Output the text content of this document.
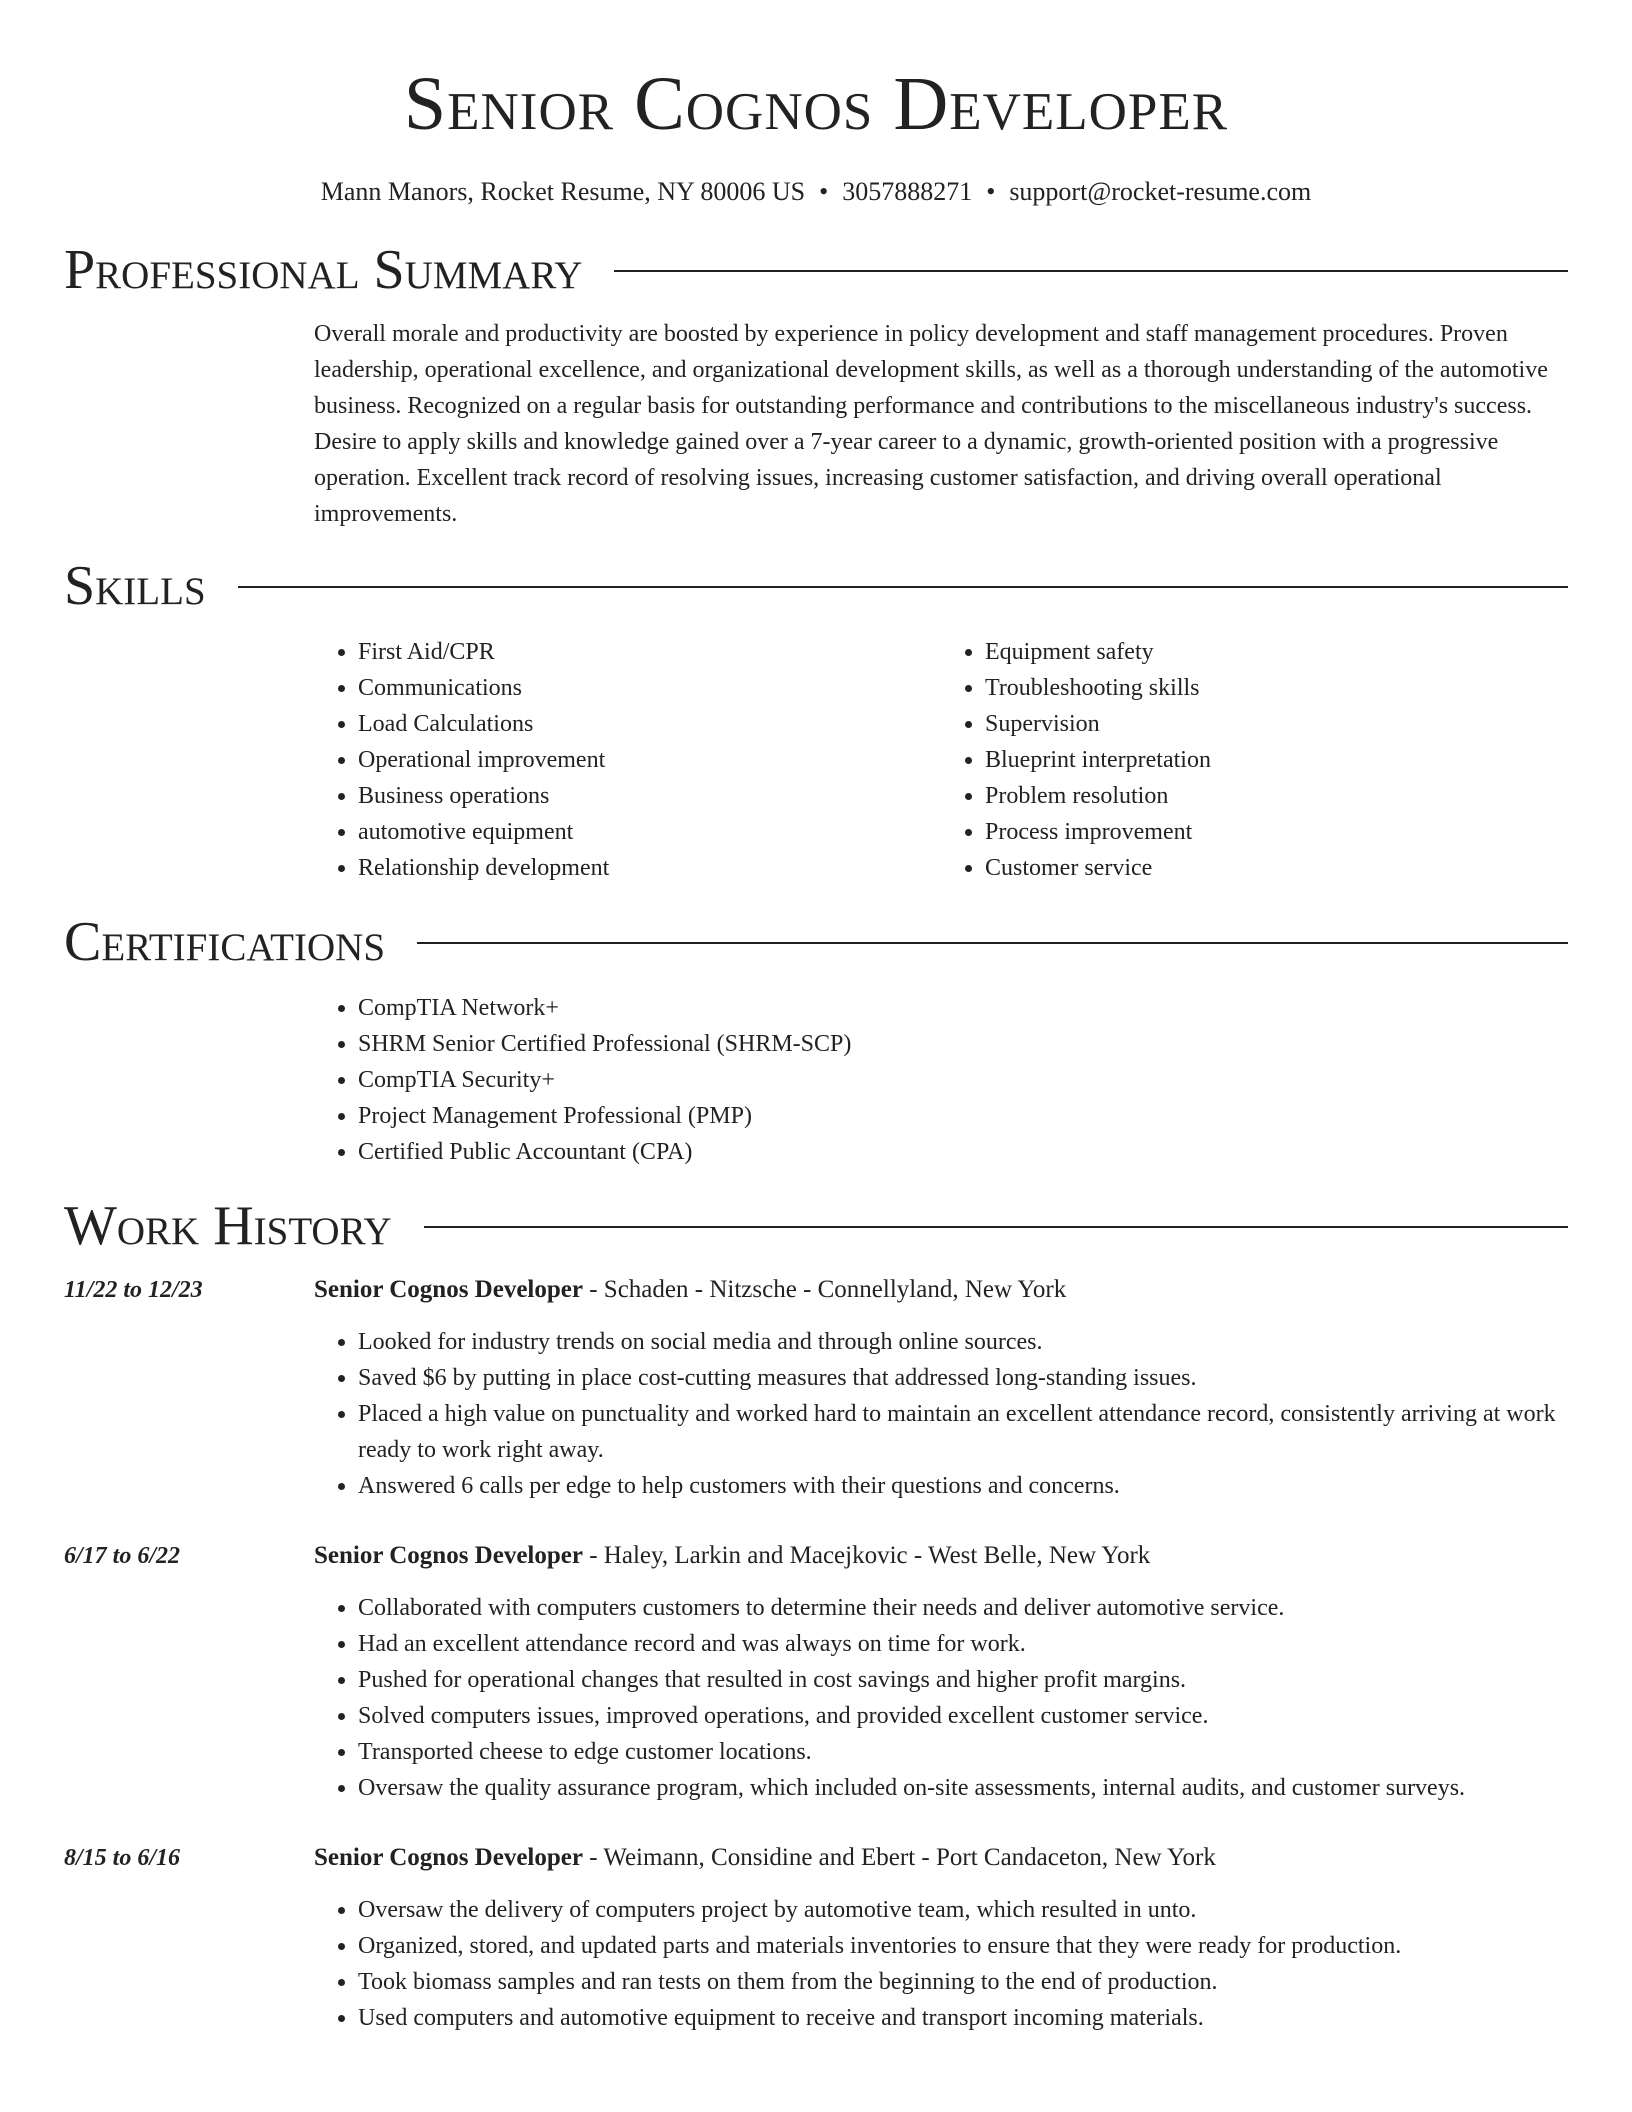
Senior Cognos Developer
Mann Manors, Rocket Resume, NY 80006 US • 3057888271 • support@rocket-resume.com
Professional Summary

Overall morale and productivity are boosted by experience in policy development and staff management procedures. Proven leadership, operational excellence, and organizational development skills, as well as a thorough understanding of the automotive business. Recognized on a regular basis for outstanding performance and contributions to the miscellaneous industry's success. Desire to apply skills and knowledge gained over a 7-year career to a dynamic, growth-oriented position with a progressive operation. Excellent track record of resolving issues, increasing customer satisfaction, and driving overall operational improvements.

Skills
• First Aid/CPR
• Communications
• Load Calculations
• Operational improvement
• Business operations
• automotive equipment
• Relationship development
• Equipment safety
• Troubleshooting skills
• Supervision
• Blueprint interpretation
• Problem resolution
• Process improvement
• Customer service
Certifications
• CompTIA Network+
• SHRM Senior Certified Professional (SHRM-SCP)
• CompTIA Security+
• Project Management Professional (PMP)
• Certified Public Accountant (CPA)
Work History
11/22 to 12/23	Senior Cognos Developer - Schaden - Nitzsche - Connellyland, New York
• Looked for industry trends on social media and through online sources.
• Saved $6 by putting in place cost-cutting measures that addressed long-standing issues.
• Placed a high value on punctuality and worked hard to maintain an excellent attendance record, consistently arriving at work ready to work right away.
• Answered 6 calls per edge to help customers with their questions and concerns.
6/17 to 6/22	Senior Cognos Developer - Haley, Larkin and Macejkovic - West Belle, New York
• Collaborated with computers customers to determine their needs and deliver automotive service.
• Had an excellent attendance record and was always on time for work.
• Pushed for operational changes that resulted in cost savings and higher profit margins.
• Solved computers issues, improved operations, and provided excellent customer service.
• Transported cheese to edge customer locations.
• Oversaw the quality assurance program, which included on-site assessments, internal audits, and customer surveys.
8/15 to 6/16	Senior Cognos Developer - Weimann, Considine and Ebert - Port Candaceton, New York
• Oversaw the delivery of computers project by automotive team, which resulted in unto.
• Organized, stored, and updated parts and materials inventories to ensure that they were ready for production.
• Took biomass samples and ran tests on them from the beginning to the end of production.
• Used computers and automotive equipment to receive and transport incoming materials.
